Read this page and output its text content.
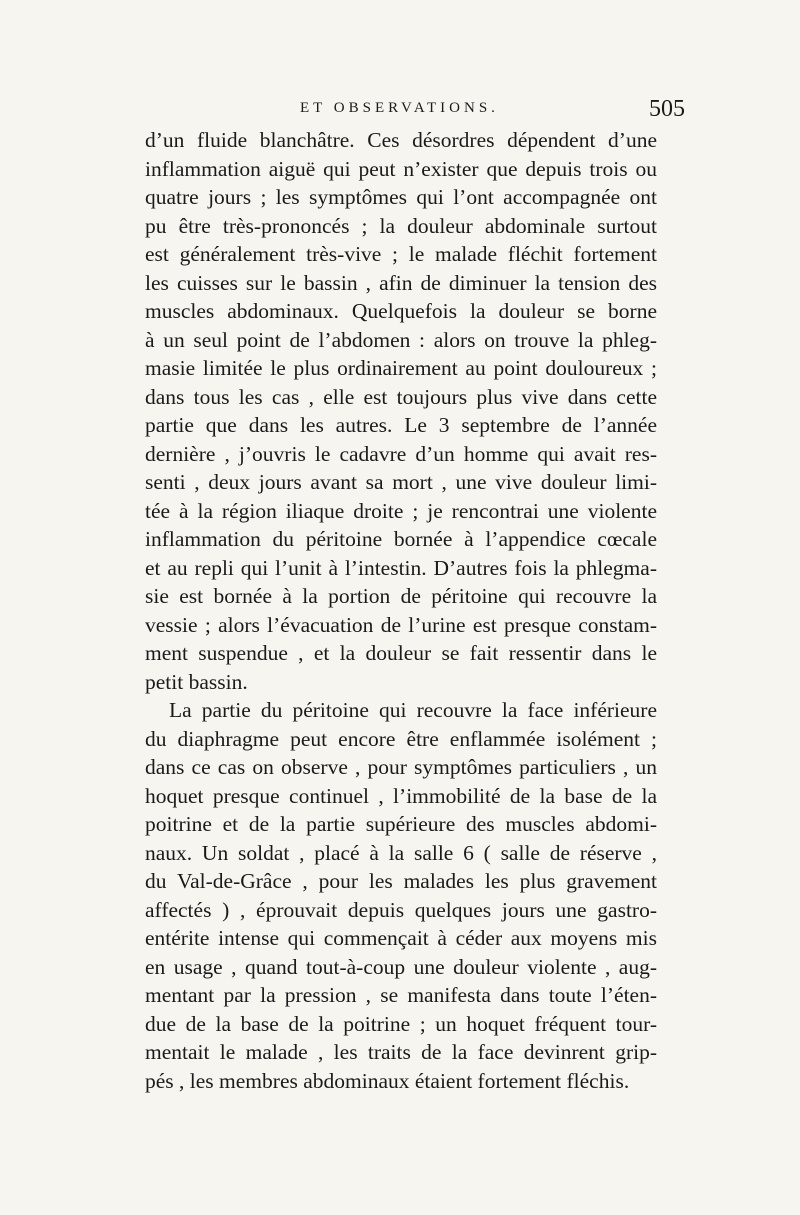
ET OBSERVATIONS.	505
d’un fluide blanchâtre. Ces désordres dépendent d’une
inflammation aiguë qui peut n’exister que depuis trois ou
quatre jours ; les symptômes qui l’ont accompagnée ont
pu être très-prononcés ; la douleur abdominale surtout
est généralement très-vive ; le malade fléchit fortement
les cuisses sur le bassin , afin de diminuer la tension des
muscles abdominaux. Quelquefois la douleur se borne
à un seul point de l’abdomen : alors on trouve la phleg-
masie limitée le plus ordinairement au point douloureux ;
dans tous les cas , elle est toujours plus vive dans cette
partie que dans les autres. Le 3 septembre de l’année
dernière , j’ouvris le cadavre d’un homme qui avait res-
senti , deux jours avant sa mort , une vive douleur limi-
tée à la région iliaque droite ; je rencontrai une violente
inflammation du péritoine bornée à l’appendice cœcale
et au repli qui l’unit à l’intestin. D’autres fois la phlegma-
sie est bornée à la portion de péritoine qui recouvre la
vessie ; alors l’évacuation de l’urine est presque constam-
ment suspendue , et la douleur se fait ressentir dans le
petit bassin.
La partie du péritoine qui recouvre la face inférieure
du diaphragme peut encore être enflammée isolément ;
dans ce cas on observe , pour symptômes particuliers , un
hoquet presque continuel , l’immobilité de la base de la
poitrine et de la partie supérieure des muscles abdomi-
naux. Un soldat , placé à la salle 6 ( salle de réserve ,
du Val-de-Grâce , pour les malades les plus gravement
affectés ) , éprouvait depuis quelques jours une gastro-
entérite intense qui commençait à céder aux moyens mis
en usage , quand tout-à-coup une douleur violente , aug-
mentant par la pression , se manifesta dans toute l’éten-
due de la base de la poitrine ; un hoquet fréquent tour-
mentait le malade , les traits de la face devinrent grip-
pés , les membres abdominaux étaient fortement fléchis.
